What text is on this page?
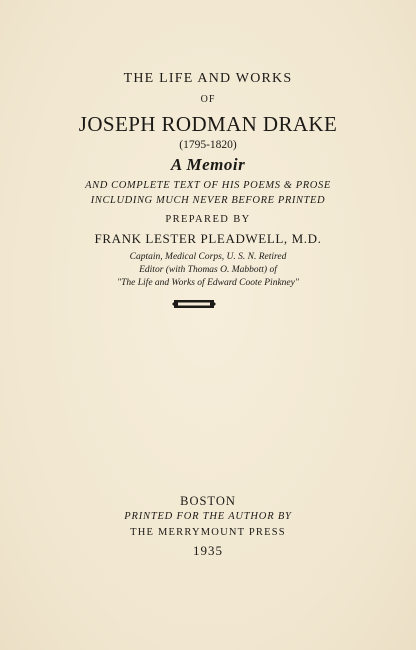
THE LIFE AND WORKS
OF
JOSEPH RODMAN DRAKE
(1795-1820)
A Memoir
AND COMPLETE TEXT OF HIS POEMS & PROSE
INCLUDING MUCH NEVER BEFORE PRINTED
PREPARED BY
FRANK LESTER PLEADWELL, M.D.
Captain, Medical Corps, U. S. N. Retired
Editor (with Thomas O. Mabbott) of
"The Life and Works of Edward Coote Pinkney"
BOSTON
PRINTED FOR THE AUTHOR BY
THE MERRYMOUNT PRESS
1935
